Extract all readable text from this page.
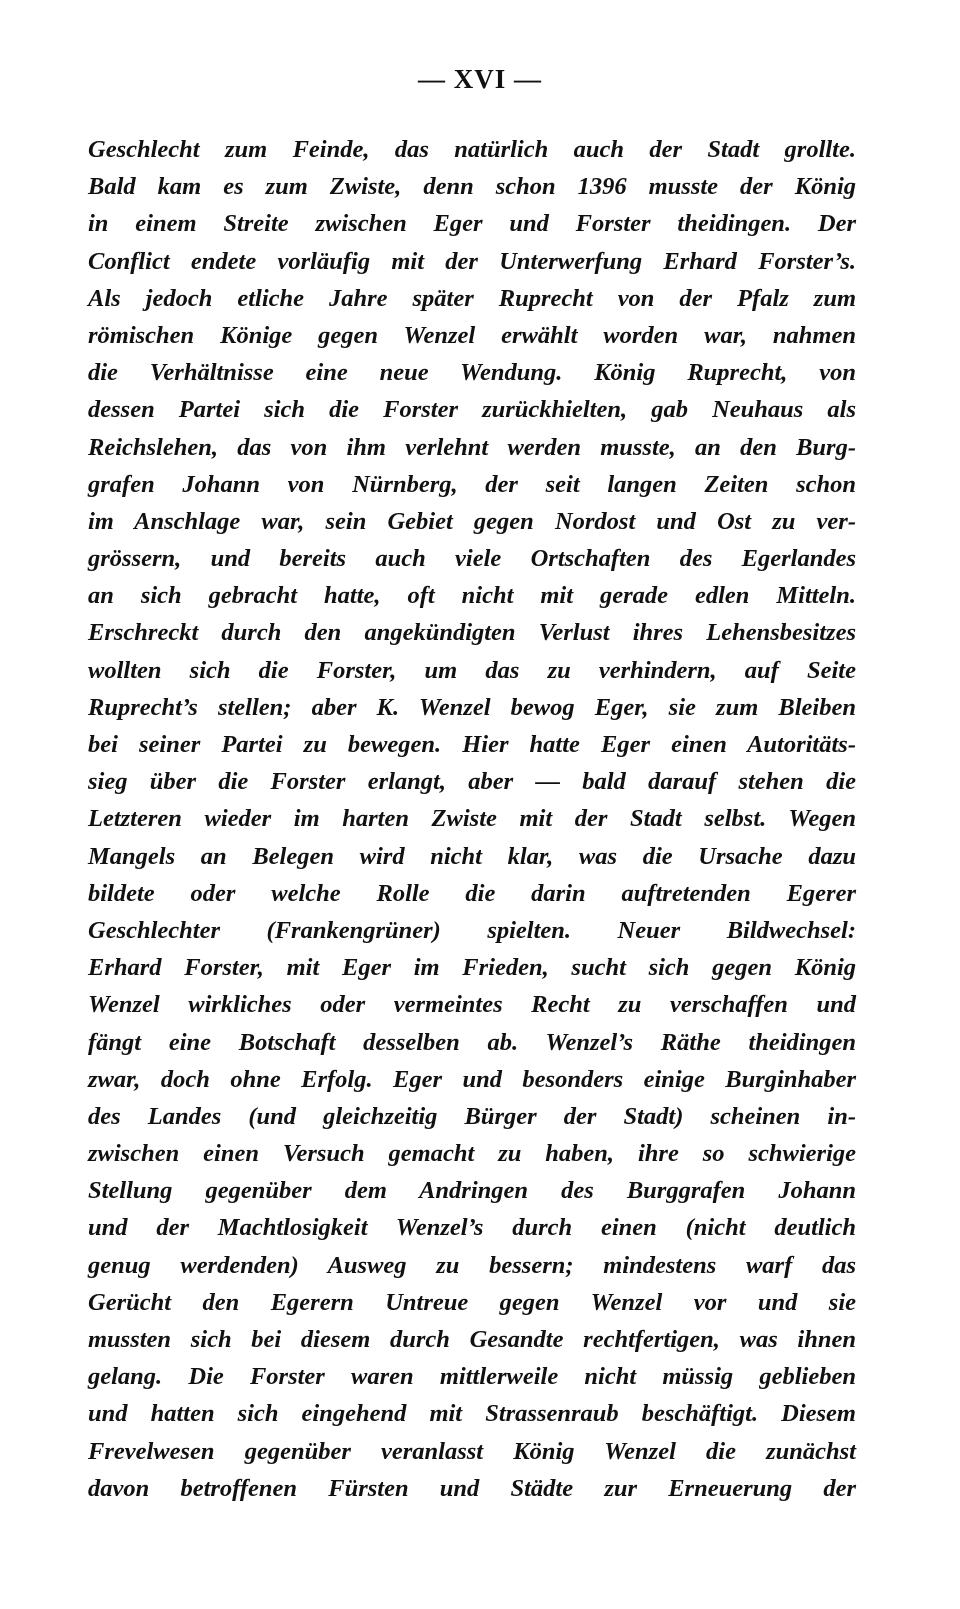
— XVI —
Geschlecht zum Feinde, das natürlich auch der Stadt grollte.
Bald kam es zum Zwiste, denn schon 1396 musste der König
in einem Streite zwischen Eger und Forster theidingen. Der
Conflict endete vorläufig mit der Unterwerfung Erhard Forster’s.
Als jedoch etliche Jahre später Ruprecht von der Pfalz zum
römischen Könige gegen Wenzel erwählt worden war, nahmen
die Verhältnisse eine neue Wendung. König Ruprecht, von
dessen Partei sich die Forster zurückhielten, gab Neuhaus als
Reichslehen, das von ihm verlehnt werden musste, an den Burg-
grafen Johann von Nürnberg, der seit langen Zeiten schon
im Anschlage war, sein Gebiet gegen Nordost und Ost zu ver-
grössern, und bereits auch viele Ortschaften des Egerlandes
an sich gebracht hatte, oft nicht mit gerade edlen Mitteln.
Erschreckt durch den angekündigten Verlust ihres Lehensbesitzes
wollten sich die Forster, um das zu verhindern, auf Seite
Ruprecht’s stellen; aber K. Wenzel bewog Eger, sie zum Bleiben
bei seiner Partei zu bewegen. Hier hatte Eger einen Autoritäts-
sieg über die Forster erlangt, aber — bald darauf stehen die
Letzteren wieder im harten Zwiste mit der Stadt selbst. Wegen
Mangels an Belegen wird nicht klar, was die Ursache dazu
bildete oder welche Rolle die darin auftretenden Egerer
Geschlechter (Frankengrüner) spielten. Neuer Bildwechsel:
Erhard Forster, mit Eger im Frieden, sucht sich gegen König
Wenzel wirkliches oder vermeintes Recht zu verschaffen und
fängt eine Botschaft desselben ab. Wenzel’s Räthe theidingen
zwar, doch ohne Erfolg. Eger und besonders einige Burginhaber
des Landes (und gleichzeitig Bürger der Stadt) scheinen in-
zwischen einen Versuch gemacht zu haben, ihre so schwierige
Stellung gegenüber dem Andringen des Burggrafen Johann
und der Machtlosigkeit Wenzel’s durch einen (nicht deutlich
genug werdenden) Ausweg zu bessern; mindestens warf das
Gerücht den Egerern Untreue gegen Wenzel vor und sie
mussten sich bei diesem durch Gesandte rechtfertigen, was ihnen
gelang. Die Forster waren mittlerweile nicht müssig geblieben
und hatten sich eingehend mit Strassenraub beschäftigt. Diesem
Frevelwesen gegenüber veranlasst König Wenzel die zunächst
davon betroffenen Fürsten und Städte zur Erneuerung der
